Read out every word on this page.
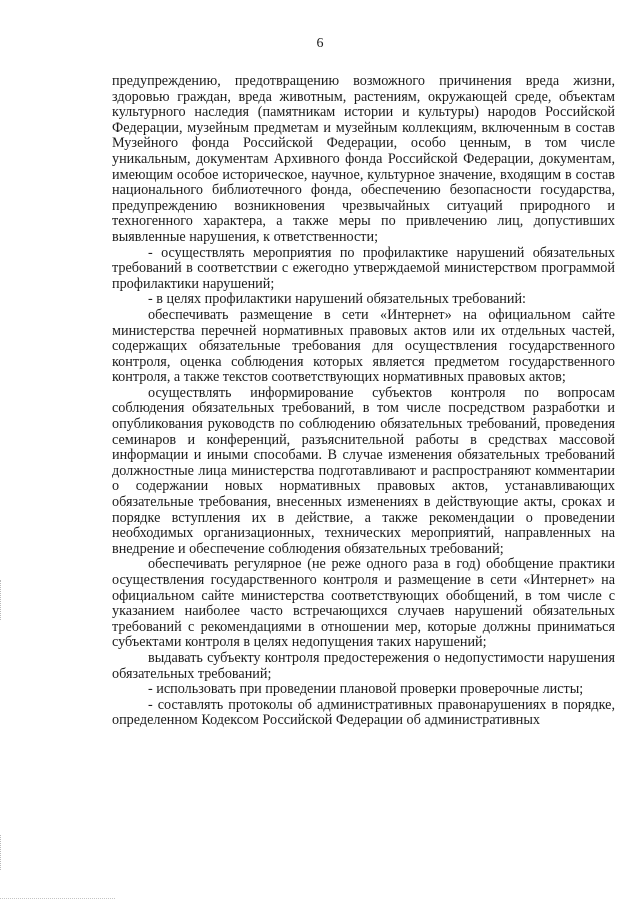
6

предупреждению, предотвращению возможного причинения вреда жизни, здоровью граждан, вреда животным, растениям, окружающей среде, объектам культурного наследия (памятникам истории и культуры) народов Российской Федерации, музейным предметам и музейным коллекциям, включенным в состав Музейного фонда Российской Федерации, особо ценным, в том числе уникальным, документам Архивного фонда Российской Федерации, документам, имеющим особое историческое, научное, культурное значение, входящим в состав национального библиотечного фонда, обеспечению безопасности государства, предупреждению возникновения чрезвычайных ситуаций природного и техногенного характера, а также меры по привлечению лиц, допустивших выявленные нарушения, к ответственности;

- осуществлять мероприятия по профилактике нарушений обязательных требований в соответствии с ежегодно утверждаемой министерством программой профилактики нарушений;

- в целях профилактики нарушений обязательных требований:

обеспечивать размещение в сети «Интернет» на официальном сайте министерства перечней нормативных правовых актов или их отдельных частей, содержащих обязательные требования для осуществления государственного контроля, оценка соблюдения которых является предметом государственного контроля, а также текстов соответствующих нормативных правовых актов;

осуществлять информирование субъектов контроля по вопросам соблюдения обязательных требований, в том числе посредством разработки и опубликования руководств по соблюдению обязательных требований, проведения семинаров и конференций, разъяснительной работы в средствах массовой информации и иными способами. В случае изменения обязательных требований должностные лица министерства подготавливают и распространяют комментарии о содержании новых нормативных правовых актов, устанавливающих обязательные требования, внесенных изменениях в действующие акты, сроках и порядке вступления их в действие, а также рекомендации о проведении необходимых организационных, технических мероприятий, направленных на внедрение и обеспечение соблюдения обязательных требований;

обеспечивать регулярное (не реже одного раза в год) обобщение практики осуществления государственного контроля и размещение в сети «Интернет» на официальном сайте министерства соответствующих обобщений, в том числе с указанием наиболее часто встречающихся случаев нарушений обязательных требований с рекомендациями в отношении мер, которые должны приниматься субъектами контроля в целях недопущения таких нарушений;

выдавать субъекту контроля предостережения о недопустимости нарушения обязательных требований;

- использовать при проведении плановой проверки проверочные листы;

- составлять протоколы об административных правонарушениях в порядке, определенном Кодексом Российской Федерации об административных
